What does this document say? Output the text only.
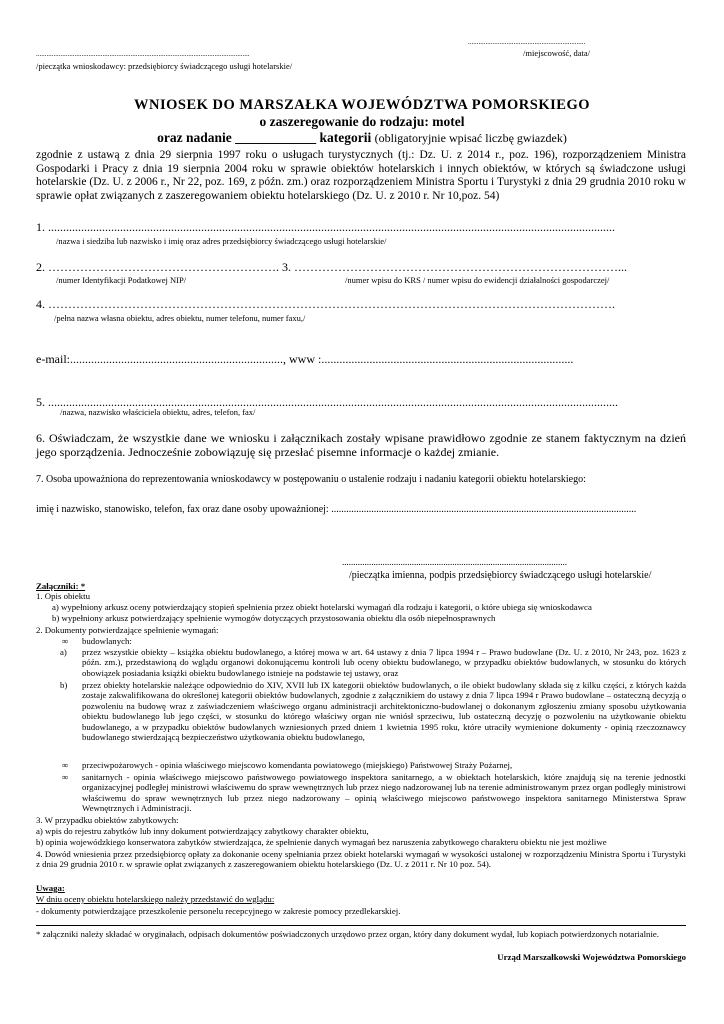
...................................................................
/miejscowość, data/
..........................................................................................................................
/pieczątka wnioskodawcy: przedsiębiorcy świadczącego usługi hotelarskie/
WNIOSEK DO MARSZAŁKA WOJEWÓDZTWA POMORSKIEGO
o zaszeregowanie do rodzaju: motel
oraz nadanie ____________ kategorii (obligatoryjnie wpisać liczbę gwiazdek)
zgodnie z ustawą z dnia 29 sierpnia 1997 roku o usługach turystycznych (tj.: Dz. U. z 2014 r., poz. 196), rozporządzeniem Ministra Gospodarki i Pracy z dnia 19 sierpnia 2004 roku w sprawie obiektów hotelarskich i innych obiektów, w których są świadczone usługi hotelarskie (Dz. U. z 2006 r., Nr 22, poz. 169, z późn. zm.) oraz rozporządzeniem Ministra Sportu i Turystyki z dnia 29 grudnia 2010 roku w sprawie opłat związanych z zaszeregowaniem obiektu hotelarskiego (Dz. U. z 2010 r. Nr 10,poz. 54)
1. .............................................................................................................................................................................................
/nazwa i siedziba lub nazwisko i imię oraz adres przedsiębiorcy świadczącego usługi hotelarskie/
2. …………………………………………………. 3. ………………………………………………………………………...
/numer Identyfikacji Podatkowej NIP/	/numer wpisu do KRS / numer wpisu do ewidencji działalności gospodarczej/
4. …………………………………………………………………………………………………………………………….
/pełna nazwa własna obiektu, adres obiektu, numer telefonu, numer faxu,/
e-mail:......................................................................., www :....................................................................................
5. ..............................................................................................................................................................................................
/nazwa, nazwisko właściciela obiektu, adres, telefon, fax/
6. Oświadczam, że wszystkie dane we wniosku i załącznikach zostały wpisane prawidłowo zgodnie ze stanem faktycznym na dzień jego sporządzenia. Jednocześnie zobowiązuję się przesłać pisemne informacje o każdej zmianie.
7. Osoba upoważniona do reprezentowania wnioskodawcy w postępowaniu o ustalenie rodzaju i nadaniu kategorii obiektu hotelarskiego:
imię i nazwisko, stanowisko, telefon, fax oraz dane osoby upoważnionej: ..........................................................................................................................
....................................................................................................
/pieczątka imienna, podpis przedsiębiorcy świadczącego usługi hotelarskie/
Załączniki: *
1. Opis obiektu
a) wypełniony arkusz oceny potwierdzający stopień spełnienia przez obiekt hotelarski wymagań dla rodzaju i kategorii, o które ubiega się wnioskodawca
b) wypełniony arkusz potwierdzający spełnienie wymogów dotyczących przystosowania obiektu dla osób niepełnosprawnych
2. Dokumenty potwierdzające spełnienie wymagań:
∞ budowlanych:
a) przez wszystkie obiekty – książka obiektu budowlanego, a której mowa w art. 64 ustawy z dnia 7 lipca 1994 r – Prawo budowlane (Dz. U. z 2010, Nr 243, poz. 1623 z późn. zm.), przedstawioną do wglądu organowi dokonującemu kontroli lub oceny obiektu budowlanego, w przypadku obiektów budowlanych, w stosunku do których obowiązek posiadania książki obiektu budowlanego istnieje na podstawie tej ustawy, oraz
b) przez obiekty hotelarskie należące odpowiednio do XIV, XVII lub IX kategorii obiektów budowlanych, o ile obiekt budowlany składa się z kilku części, z których każda zostaje zakwalifikowana do określonej kategorii obiektów budowlanych, zgodnie z załącznikiem do ustawy z dnia 7 lipca 1994 r Prawo budowlane – ostateczną decyzją o pozwoleniu na budowę wraz z zaświadczeniem właściwego organu administracji architektoniczno-budowlanej o dokonanym zgłoszeniu zmiany sposobu użytkowania obiektu budowlanego lub jego części, w stosunku do którego właściwy organ nie wniósł sprzeciwu, lub ostateczną decyzję o pozwoleniu na użytkowanie obiektu budowlanego, a w przypadku obiektów budowlanych wzniesionych przed dniem 1 kwietnia 1995 roku, które utraciły wymienione dokumenty - opinią rzeczoznawcy budowlanego stwierdzającą bezpieczeństwo użytkowania obiektu budowlanego,
∞ przeciwpożarowych - opinia właściwego miejscowo komendanta powiatowego (miejskiego) Państwowej Straży Pożarnej,
∞ sanitarnych - opinia właściwego miejscowo państwowego powiatowego inspektora sanitarnego, a w obiektach hotelarskich, które znajdują się na terenie jednostki organizacyjnej podległej ministrowi właściwemu do spraw wewnętrznych lub przez niego nadzorowanej lub na terenie administrowanym przez organ podległy ministrowi właściwemu do spraw wewnętrznych lub przez niego nadzorowany – opinią właściwego miejscowo państwowego inspektora sanitarnego Ministerstwa Spraw Wewnętrznych i Administracji.
3. W przypadku obiektów zabytkowych:
a) wpis do rejestru zabytków lub inny dokument potwierdzający zabytkowy charakter obiektu,
b) opinia wojewódzkiego konserwatora zabytków stwierdzająca, że spełnienie danych wymagań bez naruszenia zabytkowego charakteru obiektu nie jest możliwe
4. Dowód wniesienia przez przedsiębiorcę opłaty za dokonanie oceny spełniania przez obiekt hotelarski wymagań w wysokości ustalonej w rozporządzeniu Ministra Sportu i Turystyki z dnia 29 grudnia 2010 r. w sprawie opłat związanych z zaszeregowaniem obiektu hotelarskiego (Dz. U. z 2011 r. Nr 10 poz. 54).
Uwaga:
W dniu oceny obiektu hotelarskiego należy przedstawić do wglądu:
- dokumenty potwierdzające przeszkolenie personelu recepcyjnego w zakresie pomocy przedlekarskiej.
* załączniki należy składać w oryginałach, odpisach dokumentów poświadczonych urzędowo przez organ, który dany dokument wydał, lub kopiach potwierdzonych notarialnie.
Urząd Marszałkowski Województwa Pomorskiego
